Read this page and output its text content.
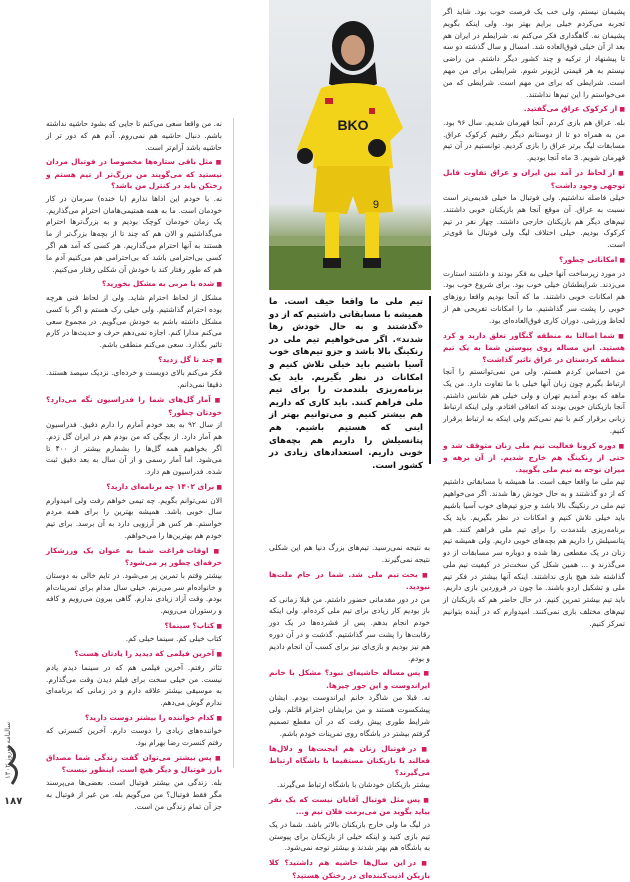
BKO
9
تیم ملی ما واقعا حیف است. ما همیشه با مسابقاتی داشتیم که از دو «گذشتند و به حال خودش رها شدند». اگر می‌خواهیم تیم ملی در رنکینگ بالا باشد و جزو تیم‌های خوب آسیا باشیم باید خیلی تلاش کنیم و امکانات در نظر بگیریم. باید یک برنامه‌ریزی بلندمدت را برای تیم ملی فراهم کنند. باید کاری که داریم هم بیشتر کنیم و می‌توانیم بهتر از اینی که هستیم باشیم. هم پتانسیلش را داریم هم بچه‌های خوبی داریم. استعدادهای زیادی در کشور است.

پشیمان نیستم، ولی خب یک فرصت خوب بود. شاید اگر تجربه می‌کردم خیلی برایم بهتر بود. ولی اینکه بگویم پشیمان نه. گاهگداری فکر می‌کنم نه. شرایطم در ایران هم بعد از آن خیلی فوق‌العاده شد. امسال و سال گذشته دو سه تا پیشنهاد از ترکیه و چند کشور دیگر داشتم. من راضی نیستم به هر قیمتی لژیونر شوم. شرایطی برای من مهم است. شرایطی که برای من مهم است. شرایطی که من می‌خواستم را این تیم‌ها نداشتند.

■ از کرکوک عراق می‌گفتید.

بله. عراق هم بازی کردم. آنجا قهرمان شدیم. سال ۹۶ بود. من به همراه دو تا از دوستانم دیگر رفتیم کرکوک عراق. مسابقات لیگ برتر عراق را بازی کردیم. توانستیم در آن تیم قهرمان شویم. 3 ماه آنجا بودیم.

■ از لحاظ در آمد بین ایران و عراق تفاوت قابل توجهی وجود داشت؟

خیلی فاصله نداشتیم. ولی فوتبال ما خیلی قدیمی‌تر است نسبت به عراق. آن موقع آنجا هم بازیکنان خوبی داشتند. تیم‌های دیگر هم بازیکنان خارجی داشتند. چهار نفر در تیم کرکوک بودیم. خیلی اختلاف لیگ ولی فوتبال ما قوی‌تر است.

■ امکاناتی چطور؟

در مورد زیرساخت آنها خیلی به فکر بودند و داشتند استارت می‌زدند. شرایطشان خیلی خوب بود. برای شروع خوب بود. هم امکانات خوبی داشتند. ما که آنجا بودیم واقعا روزهای خوبی را پشت سر گذاشتیم. ما را امکانات تفریحی هم از لحاظ ورزشی. دوران کاری فوق‌العاده‌ای بود.

■ شما اصالتا به منطقه گنگاور تعلق دارید و کرد هستید. این مساله روی پیوستن شما به یک تیم منطقه کردستان در عراق تاثیر گذاشت؟

من احساس کردم هستم. ولی من نمی‌توانستم را آنجا ارتباط بگیرم چون زبان آنها خیلی با ما تفاوت دارد. من یک ماهه که بودم آمدیم تهران و ولی خیلی هم شانس داشتم. آنجا بازیکنان خوبی بودند که اتفاقی افتادم. ولی اینکه ارتباط زبانی برقرار کنم با تیم نمی‌کنم ولی اینکه به ارتباط برقرار کنیم.

■ دوره کرونا فعالیت تیم ملی زنان متوقف شد و حتی از رنکینگ هم خارج شدیم. از آن برهه و میزان توجه به تیم ملی بگویید.

تیم ملی ما واقعا حیف است. ما همیشه با مسابقاتی داشتیم که از دو گذشتند و به حال خودش رها شدند. اگر می‌خواهیم تیم ملی در رنکینگ بالا باشد و جزو تیم‌های خوب آسیا باشیم باید خیلی تلاش کنیم و امکانات در نظر بگیریم. باید یک برنامه‌ریزی بلندمدت را برای تیم ملی فراهم کنند. هم پتانسیلش را داریم هم بچه‌های خوبی داریم. ولی همیشه تیم زنان در یک مقطعی رها شده و دوباره سر مسابقات از دو می‌گذرند و ... همین شکل کن سخت‌تر در کیفیت تیم ملی گذاشته شد هیچ بازی نداشتند. اینکه آنها بیشتر در فکر تیم ملی و تشکیل اردو باشند. ما چون در فروردین بازی داریم. باید تیم بیشتر تمرین کنیم. در حال حاضر هم که بازیکنان از تیم‌های مختلف بازی نمی‌کنند. امیدوارم که در آینده بتوانیم تمرکز کنیم.

به نتیجه نمی‌رسید. تیم‌های بزرگ دنیا هم این شکلی نتیجه نمی‌گیرند.

■ بحث تیم ملی شد. شما در جام ملت‌ها نبودید.

من در دور مقدماتی حضور داشتم. من قبلا زمانی که باز بودیم کار زیادی برای تیم ملی کرده‌ام. ولی اینکه خودم انجام بدهم. پس از فشرده‌ها در یک دور رقابت‌ها را پشت سر گذاشتیم. گذشت و در آن دوره هم نیز بودیم و بازی‌ای نیز برای کسب آن انجام دادیم و بودم.

■ پس مساله حاشیه‌ای نبود؟ مشکل با خانم ایراندوست و این جور چیزها.

نه. قبلا من شاگرد خانم ایراندوست بودم. ایشان پیشکسوت هستند و من برایشان احترام قائلم. ولی شرایط طوری پیش رفت که در آن مقطع تصمیم گرفتم بیشتر در باشگاه روی تمرینات خودم باشم.

■ در فوتبال زنان هم ایجنت‌ها و دلال‌ها فعالند یا بازیکنان مستقیما با باشگاه ارتباط می‌گیرند؟

بیشتر بازیکنان خودشان با باشگاه ارتباط می‌گیرند.

■ پس مثل فوتبال آقایان نیست که یک نفر بیاید بگوید من می‌برمت فلان تیم و...

در لیگ ما ولی خارج بازیکنان بالاتر باشد. شما در یک تیم بازی کنید و اینکه خیلی از بازیکنان برای پیوستن به باشگاه هم بهتر شدند و بیشتر توجه نمی‌شود.

■ در این سال‌ها حاشیه هم داشتید؟ کلا بازیکن اذیت‌کننده‌ای در رختکن هستید؟

نه. من واقعا سعی می‌کنم تا جایی که بشود حاشیه نداشته باشم. دنبال حاشیه هم نمی‌روم. آدم هم که دور تر از حاشیه باشد آرام‌تر است.

■ مثل باقی ستاره‌ها مخصوصا در فوتبال مردان نیستید که می‌گویند من بزرگ‌تر از تیم هستم و رختکن باید در کنترل من باشد؟

نه. با خودم این اداها ندارم (با خنده) سرمان در کار خودمان است. ما به همه همتیمی‌هامان احترام می‌گذاریم. یک زمان خودمان کوچک بودیم و به بزرگ‌ترها احترام می‌گذاشتیم و الان هم که چند تا از بچه‌ها بزرگ‌تر از ما هستند به آنها احترام می‌گذاریم. هر کسی که آمد هم اگر کسی بی‌احترامی باشد که بی‌احترامی هم می‌کنیم آدم ما هم که طور رفتار کند با خودش آن شکلی رفتار می‌کنیم.

■ شده با مربی به مشکل بخورید؟

مشکل از لحاظ احترام شاید. ولی از لحاظ فنی هرچه بوده احترام گذاشتیم. ولی خیلی رک هستم و اگر با کسی مشکل داشته باشم به خودش می‌گویم. در مجموع سعی می‌کنم مدارا کنم. اجازه نمی‌دهم حرف و حدیث‌ها در کارم تاثیر بگذارد. سعی می‌کنم منطقی باشم.

■ چند تا گل زدید؟

فکر می‌کنم بالای دویست و خرده‌ای. نزدیک سیصد هستند. دقیقا نمی‌دانم.

■ آمار گل‌های شما را فدراسیون نگه می‌دارد؟ خودتان چطور؟

از سال ۹۲ به بعد خودم آمارم را دارم دقیق. فدراسیون هم آمار دارد. از بچگی که من بودم هم در ایران گل زدم. اگر بخواهیم همه گل‌ها را بشمارم بیشتر از ۴۰۰ تا می‌شود. اما آمار رسمی و از آن سال به بعد دقیق ثبت شده. فدراسیون هم دارد.

■ برای ۱۴۰۲ چه برنامه‌ای دارید؟

الان نمی‌توانم بگویم. چه تیمی خواهم رفت ولی امیدوارم سال خوبی باشد. همیشه بهترین را برای همه مردم خواستم. هر کس هر آرزویی دارد به آن برسد. برای تیم خودم هم بهترین‌ها را می‌خواهم.

■ اوقات فراغت شما به عنوان یک ورزشکار حرفه‌ای چطور پر می‌شود؟

بیشتر وقتم با تمرین پر می‌شود. در تایم خالی به دوستان و خانواده‌ام سر می‌زنم. خیلی سال مدام برای تمرینات‌ام بودم. وقت آزاد زیادی ندارم. گاهی بیرون می‌رویم و کافه و رستوران می‌رویم.

■ کتاب؟ سینما؟

کتاب خیلی کم. سینما خیلی کم.

■ آخرین فیلمی که دیدید را یادتان هست؟

تئاتر رفتم. آخرین فیلمی هم که در سینما دیدم یادم نیست. من خیلی سخت برای فیلم دیدن وقت می‌گذارم. به موسیقی بیشتر علاقه دارم و در زمانی که برنامه‌ای ندارم گوش می‌دهم.

■ کدام خواننده را بیشتر دوست دارید؟

خواننده‌های زیادی را دوست دارم. آخرین کنسرتی که رفتم کنسرت رضا بهرام بود.

■ پس بیشتر می‌توان گفت زندگی شما مصداق بارز فوتبال و دیگر هیچ است. اینطور نیست؟

بله. زندگی من بیشتر فوتبال است. بعضی‌ها می‌پرسند مگر فقط فوتبال؟ من می‌گویم بله. من غیر از فوتبال به جز آن تمام زندگی من است.

۱۸۷
سالنامه نوروز ۱۴۰۲
